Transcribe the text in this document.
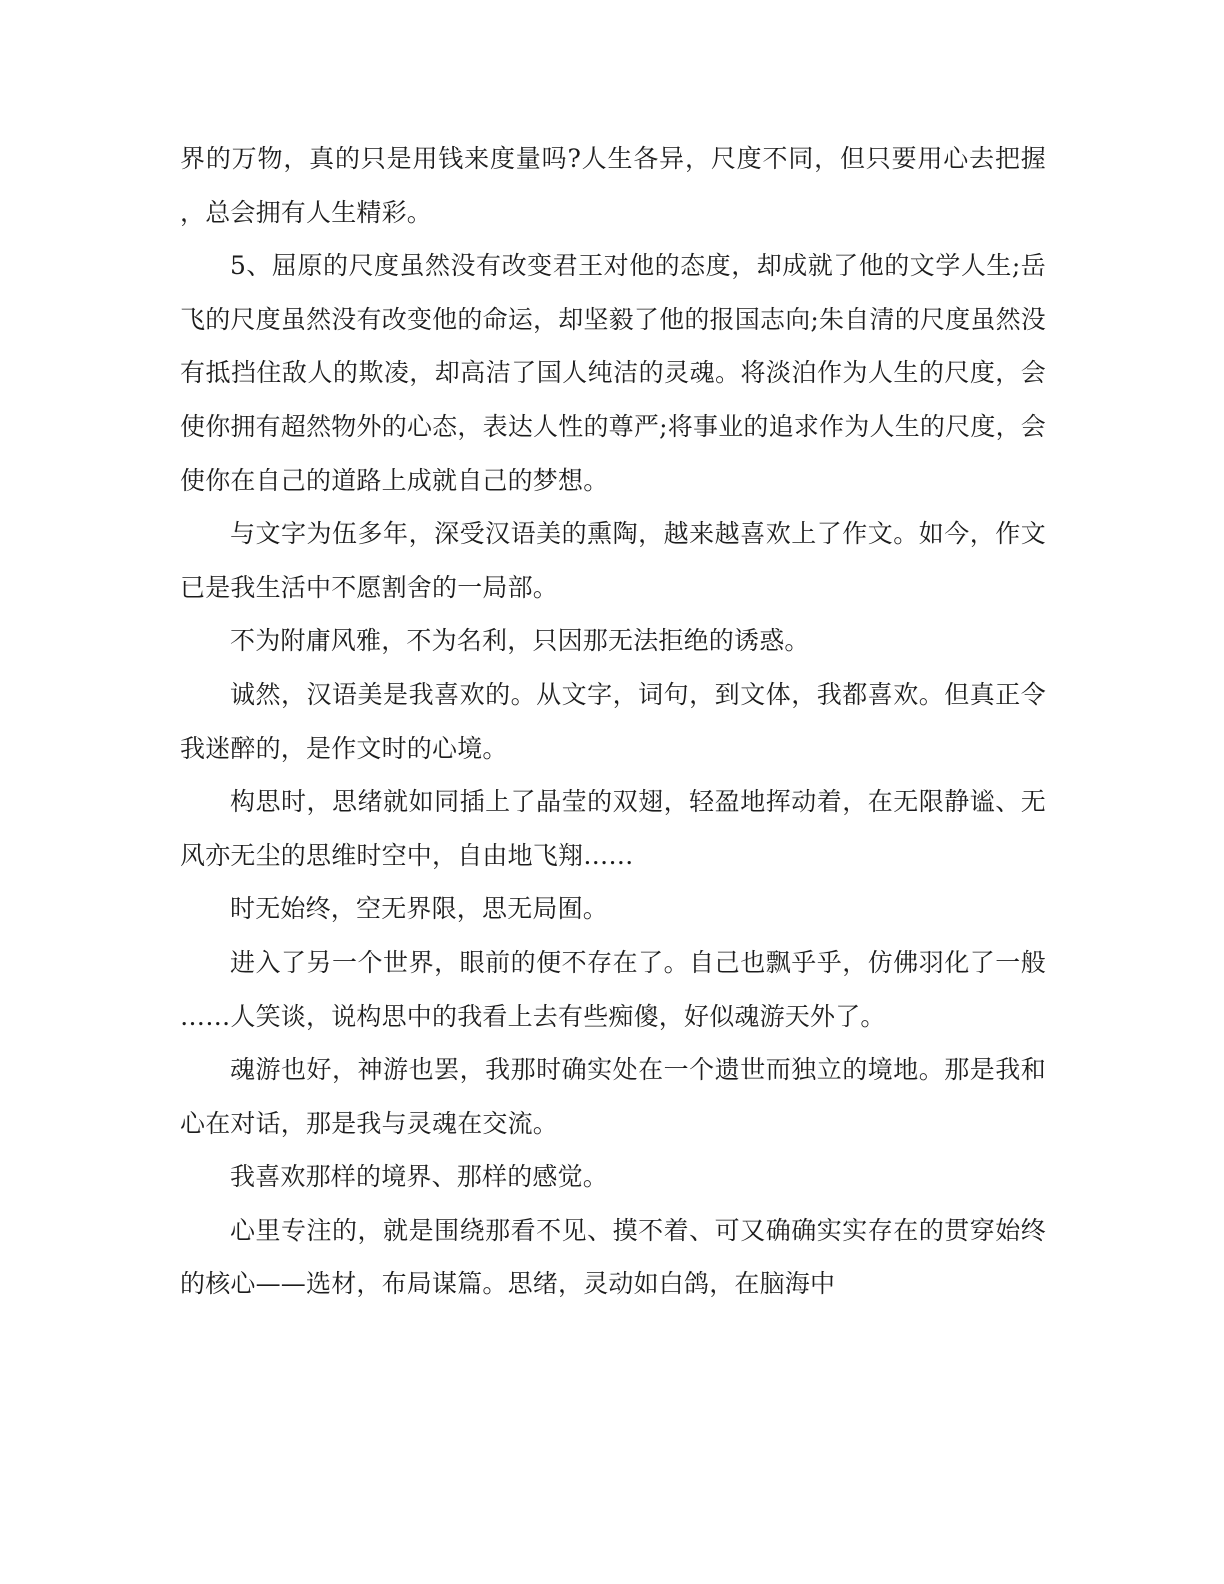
界的万物，真的只是用钱来度量吗?人生各异，尺度不同，但只要用心去把握，总会拥有人生精彩。

5、屈原的尺度虽然没有改变君王对他的态度，却成就了他的文学人生;岳飞的尺度虽然没有改变他的命运，却坚毅了他的报国志向;朱自清的尺度虽然没有抵挡住敌人的欺凌，却高洁了国人纯洁的灵魂。将淡泊作为人生的尺度，会使你拥有超然物外的心态，表达人性的尊严;将事业的追求作为人生的尺度，会使你在自己的道路上成就自己的梦想。

与文字为伍多年，深受汉语美的熏陶，越来越喜欢上了作文。如今，作文已是我生活中不愿割舍的一局部。

不为附庸风雅，不为名利，只因那无法拒绝的诱惑。

诚然，汉语美是我喜欢的。从文字，词句，到文体，我都喜欢。但真正令我迷醉的，是作文时的心境。

构思时，思绪就如同插上了晶莹的双翅，轻盈地挥动着，在无限静谧、无风亦无尘的思维时空中，自由地飞翔……

时无始终，空无界限，思无局囿。

进入了另一个世界，眼前的便不存在了。自己也飘乎乎，仿佛羽化了一般……人笑谈，说构思中的我看上去有些痴傻，好似魂游天外了。

魂游也好，神游也罢，我那时确实处在一个遗世而独立的境地。那是我和心在对话，那是我与灵魂在交流。

我喜欢那样的境界、那样的感觉。

心里专注的，就是围绕那看不见、摸不着、可又确确实实存在的贯穿始终的核心——选材，布局谋篇。思绪，灵动如白鸽，在脑海中
